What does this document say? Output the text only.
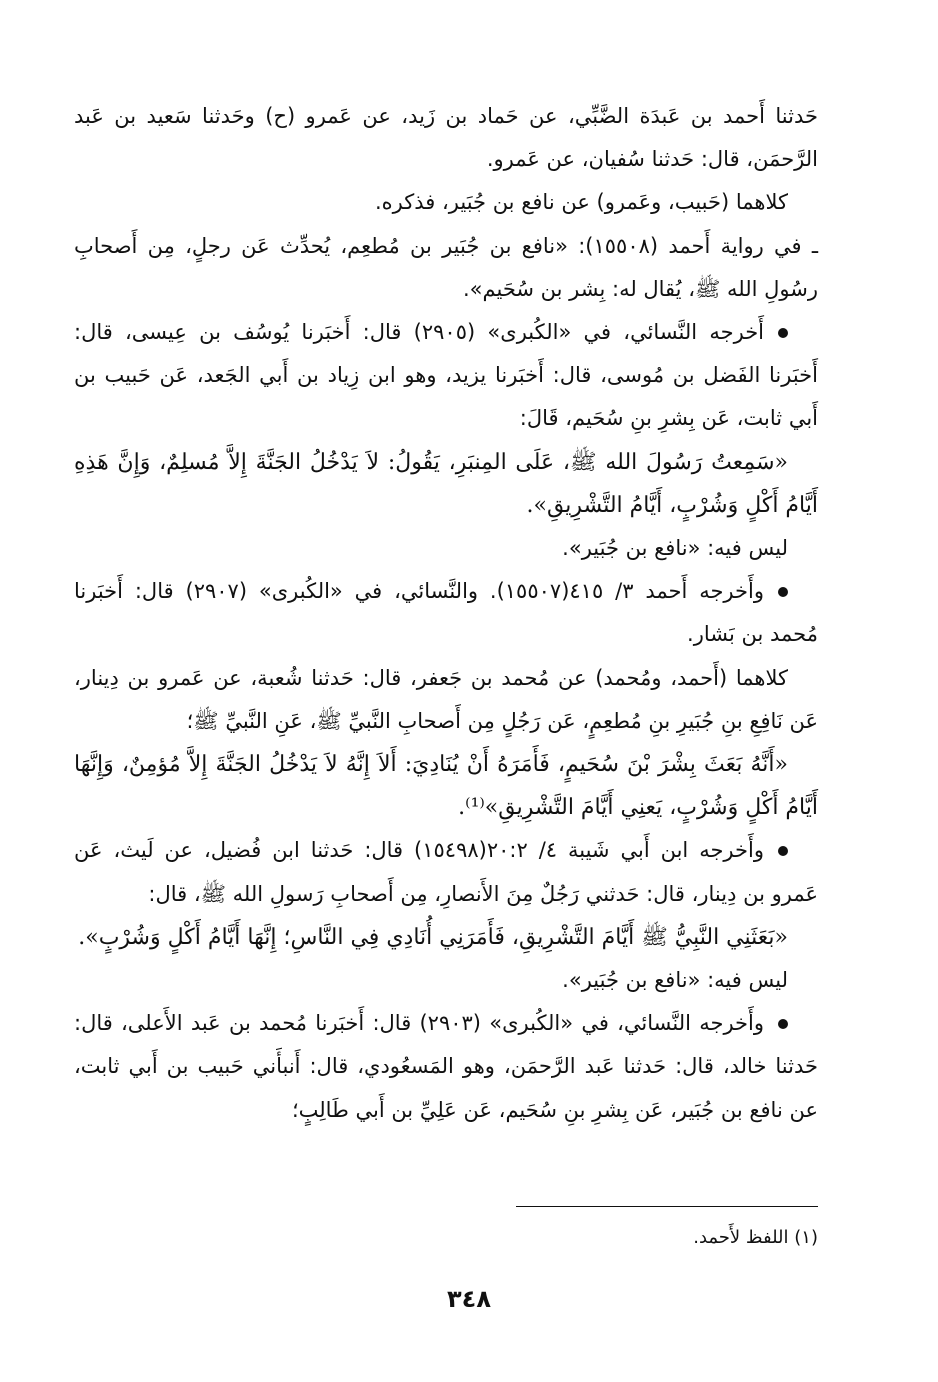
حَدثنا أَحمد بن عَبدَة الضَّبِّي، عن حَماد بن زَيد، عن عَمرو (ح) وحَدثنا سَعيد بن عَبد الرَّحمَن، قال: حَدثنا سُفيان، عن عَمرو.

كلاهما (حَبيب، وعَمرو) عن نافع بن جُبَير، فذكره.

ـ في رواية أَحمد (١٥٥٠٨): «نافع بن جُبَير بن مُطعِم، يُحدِّث عَن رجلٍ، مِن أَصحابِ رسُولِ الله ﷺ، يُقال له: بِشر بن سُحَيم».

أَخرجه النَّسائي، في «الكُبرى» (٢٩٠٥) قال: أَخبَرنا يُوسُف بن عِيسى، قال: أَخبَرنا الفَضل بن مُوسى، قال: أَخبَرنا يزيد، وهو ابن زِياد بن أَبي الجَعد، عَن حَبيب بن أَبي ثابت، عَن بِشرِ بنِ سُحَيم، قَالَ:

«سَمِعتُ رَسُولَ الله ﷺ، عَلَى المِنبَرِ، يَقُولُ: لاَ يَدْخُلُ الجَنَّةَ إِلاَّ مُسلِمٌ، وَإِنَّ هَذِهِ أَيَّامُ أَكْلٍ وَشُرْبٍ، أَيَّامُ التَّشْرِيقِ».

ليس فيه: «نافع بن جُبَير».

وأَخرجه أَحمد ٣/ ٤١٥(١٥٥٠٧). والنَّسائي، في «الكُبرى» (٢٩٠٧) قال: أَخبَرنا مُحمد بن بَشار.

كلاهما (أَحمد، ومُحمد) عن مُحمد بن جَعفر، قال: حَدثنا شُعبة، عن عَمرو بن دِينار، عَن نَافِعِ بنِ جُبَيرِ بنِ مُطعِمٍ، عَن رَجُلٍ مِن أَصحابِ النَّبيِّ ﷺ، عَنِ النَّبيِّ ﷺ؛

«أَنَّهُ بَعَثَ بِشْرَ بْنَ سُحَيمٍ، فَأَمَرَهُ أَنْ يُنَادِيَ: أَلاَ إِنَّهُ لاَ يَدْخُلُ الجَنَّةَ إِلاَّ مُؤمِنٌ، وَإِنَّهَا أَيَّامُ أَكْلٍ وَشُرْبٍ، يَعنِي أَيَّامَ التَّشْرِيقِ»⁽¹⁾.

وأَخرجه ابن أَبي شَيبة ٤/ ٢٠:٢(١٥٤٩٨) قال: حَدثنا ابن فُضيل، عن لَيث، عَن عَمرو بن دِينار، قال: حَدثني رَجُلٌ مِنَ الأَنصارِ، مِن أَصحابِ رَسولِ الله ﷺ، قال:

«بَعَثَنِي النَّبِيُّ ﷺ أَيَّامَ التَّشْرِيقِ، فَأَمَرَنِي أُنَادِي فِي النَّاسِ؛ إِنَّهَا أَيَّامُ أَكْلٍ وَشُرْبٍ».

ليس فيه: «نافع بن جُبَير».

وأَخرجه النَّسائي، في «الكُبرى» (٢٩٠٣) قال: أَخبَرنا مُحمد بن عَبد الأَعلى، قال: حَدثنا خالد، قال: حَدثنا عَبد الرَّحمَن، وهو المَسعُودي، قال: أَنبأَني حَبيب بن أَبي ثابت، عن نافع بن جُبَير، عَن بِشرِ بنِ سُحَيم، عَن عَلِيِّ بن أَبي طَالِبٍ؛

(١) اللفظ لأَحمد.
٣٤٨
